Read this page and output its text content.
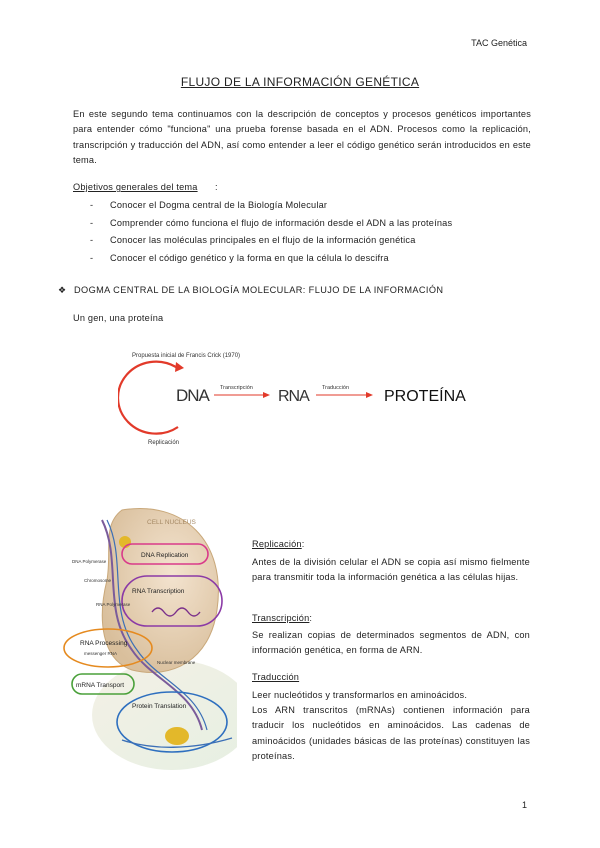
TAC Genética
FLUJO DE LA INFORMACIÓN GENÉTICA
En este segundo tema continuamos con la descripción de conceptos y procesos genéticos importantes para entender cómo "funciona" una prueba forense basada en el ADN. Procesos como la replicación, transcripción y traducción del ADN, así como entender a leer el código genético serán introducidos en este tema.
Objetivos generales del tema :
- Conocer el Dogma central de la Biología Molecular
- Comprender cómo funciona el flujo de información desde el ADN a las proteínas
- Conocer las moléculas principales en el flujo de la información genética
- Conocer el código genético y la forma en que la célula lo descifra
❖ DOGMA CENTRAL DE LA BIOLOGÍA MOLECULAR: FLUJO DE LA INFORMACIÓN
Un gen, una proteína
Propuesta inicial de Francis Crick (1970)
DNA Transcripción RNA Traducción PROTEÍNA
Replicación
CELL NUCLEUS
DNA Replication
DNA Polymerase
Chromosome
RNA Transcription
RNA Polymerase
RNA Processing
messenger RNA
Nuclear membrane
mRNA Transport
Protein Translation
Replicación:
Antes de la división celular el ADN se copia así mismo fielmente para transmitir toda la información genética a las células hijas.
Transcripción:
Se realizan copias de determinados segmentos de ADN, con información genética, en forma de ARN.
Traducción
Leer nucleótidos y transformarlos en aminoácidos.
Los ARN transcritos (mRNAs) contienen información para traducir los nucleótidos en aminoácidos. Las cadenas de aminoácidos (unidades básicas de las proteínas) constituyen las proteínas.
1
